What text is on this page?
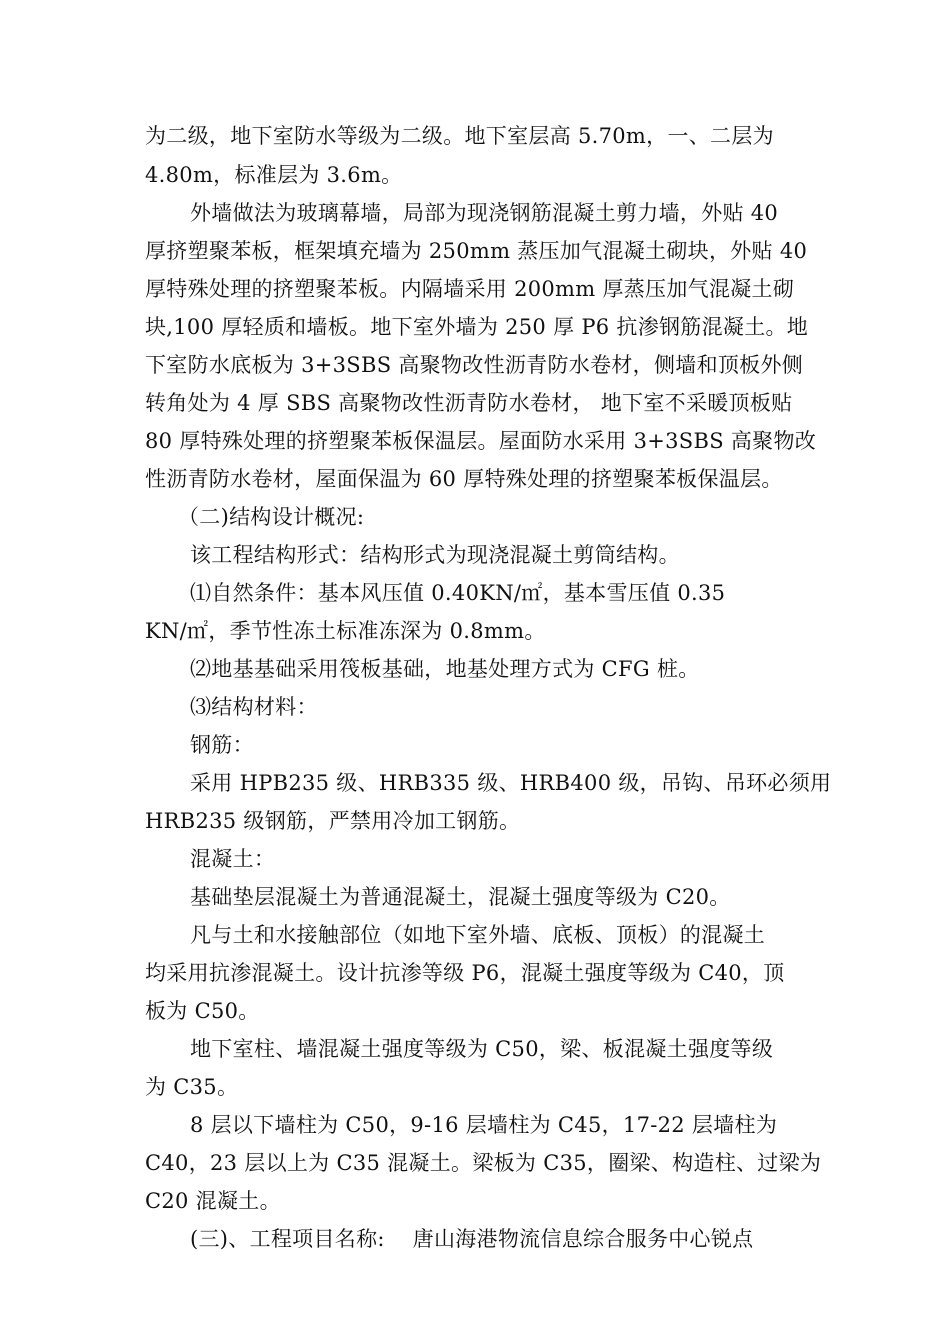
为二级，地下室防水等级为二级。地下室层高 5.70m，一、二层为
4.80m，标准层为 3.6m。
外墙做法为玻璃幕墙，局部为现浇钢筋混凝土剪力墙，外贴 40
厚挤塑聚苯板，框架填充墙为 250mm 蒸压加气混凝土砌块，外贴 40
厚特殊处理的挤塑聚苯板。内隔墙采用 200mm 厚蒸压加气混凝土砌
块,100 厚轻质和墙板。地下室外墙为 250 厚 P6 抗渗钢筋混凝土。地
下室防水底板为 3+3SBS 高聚物改性沥青防水卷材，侧墙和顶板外侧
转角处为 4 厚 SBS 高聚物改性沥青防水卷材， 地下室不采暖顶板贴
80 厚特殊处理的挤塑聚苯板保温层。屋面防水采用 3+3SBS 高聚物改
性沥青防水卷材，屋面保温为 60 厚特殊处理的挤塑聚苯板保温层。
（二)结构设计概况:
该工程结构形式：结构形式为现浇混凝土剪筒结构。
⑴自然条件：基本风压值 0.40KN/㎡，基本雪压值 0.35
KN/㎡，季节性冻土标准冻深为 0.8mm。
⑵地基基础采用筏板基础，地基处理方式为 CFG 桩。
⑶结构材料：
钢筋：
采用 HPB235 级、HRB335 级、HRB400 级，吊钩、吊环必须用
HRB235 级钢筋，严禁用冷加工钢筋。
混凝土：
基础垫层混凝土为普通混凝土，混凝土强度等级为 C20。
凡与土和水接触部位（如地下室外墙、底板、顶板）的混凝土
均采用抗渗混凝土。设计抗渗等级 P6，混凝土强度等级为 C40，顶
板为 C50。
地下室柱、墙混凝土强度等级为 C50，梁、板混凝土强度等级
为 C35。
8 层以下墙柱为 C50，9-16 层墙柱为 C45，17-22 层墙柱为
C40，23 层以上为 C35 混凝土。梁板为 C35，圈梁、构造柱、过梁为
C20 混凝土。
(三)、工程项目名称:    唐山海港物流信息综合服务中心锐点
